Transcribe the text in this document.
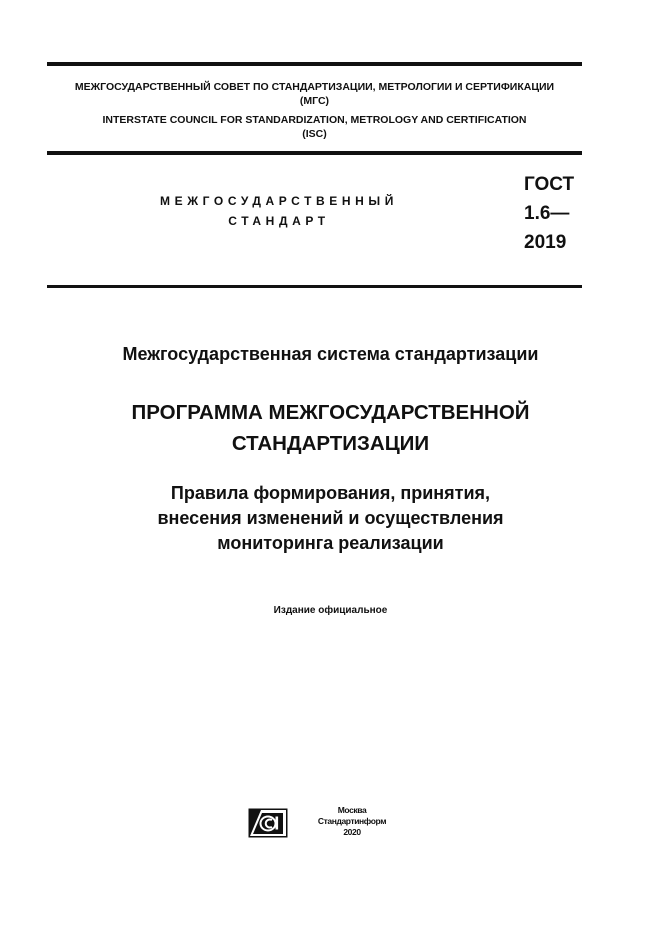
МЕЖГОСУДАРСТВЕННЫЙ СОВЕТ ПО СТАНДАРТИЗАЦИИ, МЕТРОЛОГИИ И СЕРТИФИКАЦИИ
(МГС)
INTERSTATE COUNCIL FOR STANDARDIZATION, METROLOGY AND CERTIFICATION
(ISC)
МЕЖГОСУДАРСТВЕННЫЙ
СТАНДАРТ
ГОСТ
1.6—
2019
Межгосударственная система стандартизации
ПРОГРАММА МЕЖГОСУДАРСТВЕННОЙ
СТАНДАРТИЗАЦИИ
Правила формирования, принятия,
внесения изменений и осуществления
мониторинга реализации
Издание официальное
Москва
Стандартинформ
2020
